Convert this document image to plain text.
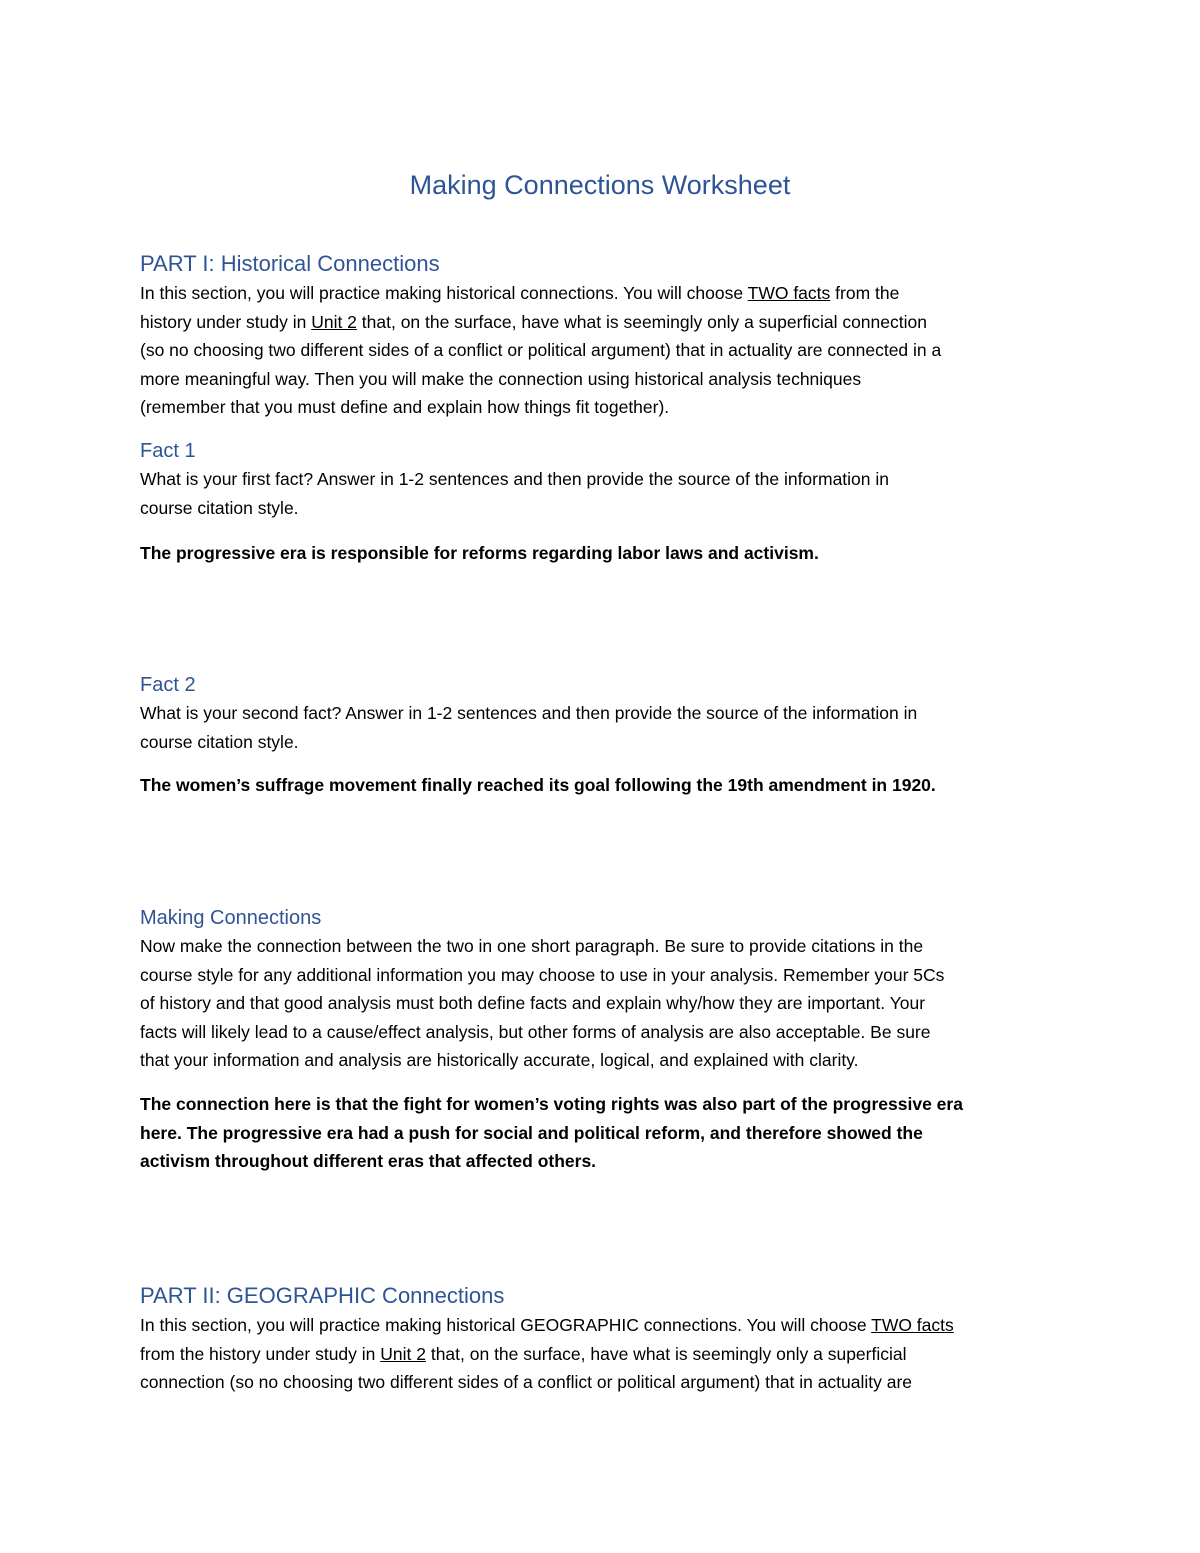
Making Connections Worksheet
PART I: Historical Connections
In this section, you will practice making historical connections. You will choose TWO facts from the
history under study in Unit 2 that, on the surface, have what is seemingly only a superficial connection
(so no choosing two different sides of a conflict or political argument) that in actuality are connected in a
more meaningful way. Then you will make the connection using historical analysis techniques
(remember that you must define and explain how things fit together).
Fact 1
What is your first fact? Answer in 1-2 sentences and then provide the source of the information in
course citation style.
The progressive era is responsible for reforms regarding labor laws and activism.
Fact 2
What is your second fact? Answer in 1-2 sentences and then provide the source of the information in
course citation style.
The women’s suffrage movement finally reached its goal following the 19th amendment in 1920.
Making Connections
Now make the connection between the two in one short paragraph. Be sure to provide citations in the
course style for any additional information you may choose to use in your analysis. Remember your 5Cs
of history and that good analysis must both define facts and explain why/how they are important. Your
facts will likely lead to a cause/effect analysis, but other forms of analysis are also acceptable. Be sure
that your information and analysis are historically accurate, logical, and explained with clarity.
The connection here is that the fight for women’s voting rights was also part of the progressive era
here. The progressive era had a push for social and political reform, and therefore showed the
activism throughout different eras that affected others.
PART II: GEOGRAPHIC Connections
In this section, you will practice making historical GEOGRAPHIC connections. You will choose TWO facts
from the history under study in Unit 2 that, on the surface, have what is seemingly only a superficial
connection (so no choosing two different sides of a conflict or political argument) that in actuality are
